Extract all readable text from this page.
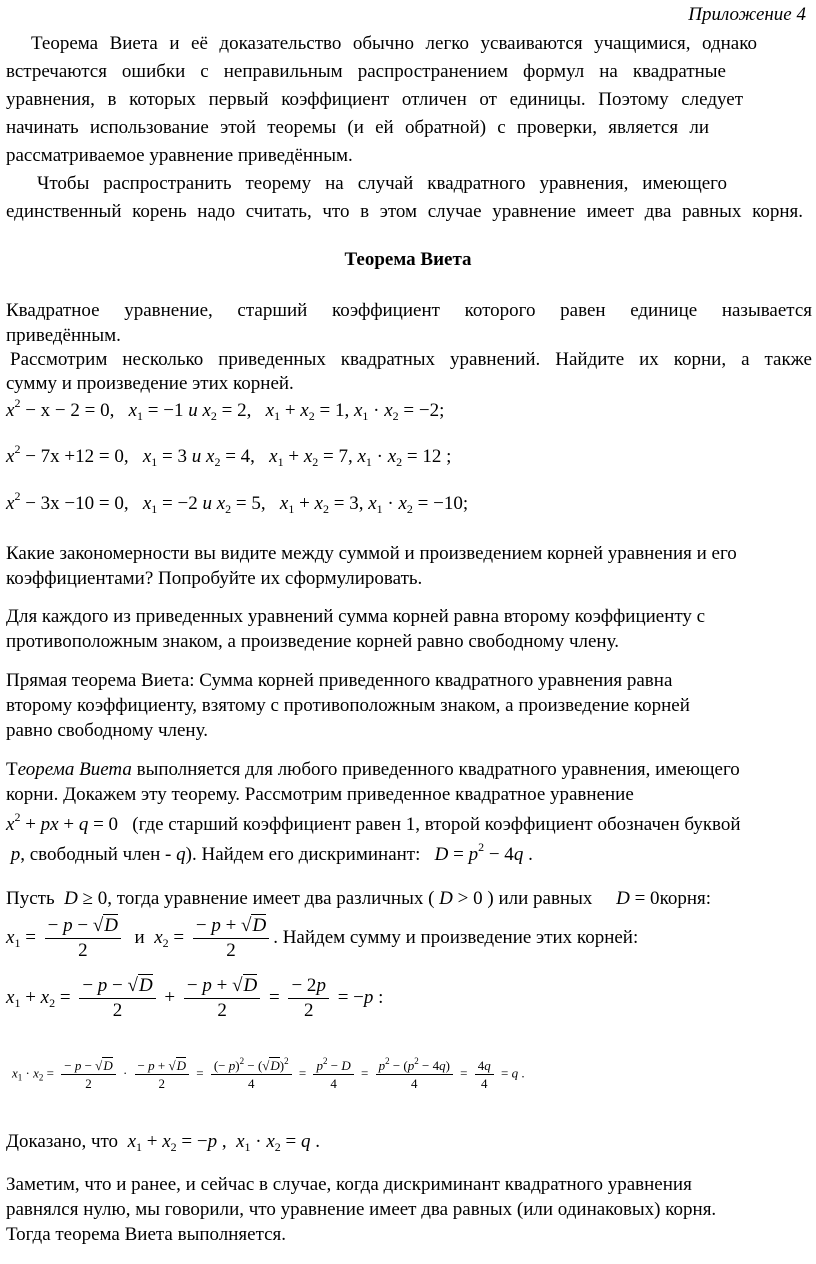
Приложение 4
Теорема Виета и её доказательство обычно легко усваиваются учащимися, однако
встречаются ошибки с неправильным распространением формул на квадратные
уравнения, в которых первый коэффициент отличен от единицы. Поэтому следует
начинать использование этой теоремы (и ей обратной) с проверки, является ли
рассматриваемое уравнение приведённым.
Чтобы распространить теорему на случай квадратного уравнения, имеющего
единственный корень надо считать, что в этом случае уравнение имеет два равных корня.
Теорема Виета
Квадратное уравнение, старший коэффициент которого равен единице называется
приведённым.
Рассмотрим несколько приведенных квадратных уравнений. Найдите их корни, а также
сумму и произведение этих корней.
$x^2 - x - 2 = 0$,   $x_1 = -1$ и $x_2 = 2$,   $x_1 + x_2 = 1$, $x_1 \cdot x_2 = -2$;
$x^2 - 7x +12 = 0$,   $x_1 = 3$ и $x_2 = 4$,   $x_1 + x_2 = 7$, $x_1 \cdot x_2 = 12$ ;
$x^2 - 3x -10 = 0$,   $x_1 = -2$ и $x_2 = 5$,   $x_1 + x_2 = 3$, $x_1 \cdot x_2 = -10$;
Какие закономерности вы видите между суммой и произведением корней уравнения и его
коэффициентами? Попробуйте их сформулировать.
Для каждого из приведенных уравнений сумма корней равна второму коэффициенту с
противоположным знаком, а произведение корней равно свободному члену.
Прямая теорема Виета: Сумма корней приведенного квадратного уравнения равна
второму коэффициенту, взятому с противоположным знаком, а произведение корней
равно свободному члену.
Теорема Виета выполняется для любого приведенного квадратного уравнения, имеющего
корни. Докажем эту теорему. Рассмотрим приведенное квадратное уравнение
$x^2$ + px + q = 0   (где старший коэффициент равен 1, второй коэффициент обозначен буквой
p, свободный член - q). Найдем его дискриминант: $D = p^2 - 4q$ .
Пусть D ≥ 0, тогда уравнение имеет два различных ( D > 0 ) или равных D = 0корня:
$x_1 = \frac{- p - √D}{2}$ и $x_2 = \frac{- p + √D}{2}$ . Найдем сумму и произведение этих корней:
$x_1 + x_2 = \frac{- p - √D}{2} + \frac{- p + √D}{2} = \frac{- 2p}{2} = -p$ :
$x_1 \cdot x_2 = \frac{- p - √D}{2} \cdot \frac{- p + √D}{2} = \frac{(- p)^2 - (√D)^2}{4} = \frac{p^2 - D}{4} = \frac{p^2 - (p^2 - 4q)}{4} = \frac{4q}{4} = q$ .
Доказано, что $x_1 + x_2 = -p$ ,  $x_1 \cdot x_2 = q$ .
Заметим, что и ранее, и сейчас в случае, когда дискриминант квадратного уравнения
равнялся нулю, мы говорили, что уравнение имеет два равных (или одинаковых) корня.
Тогда теорема Виета выполняется.
